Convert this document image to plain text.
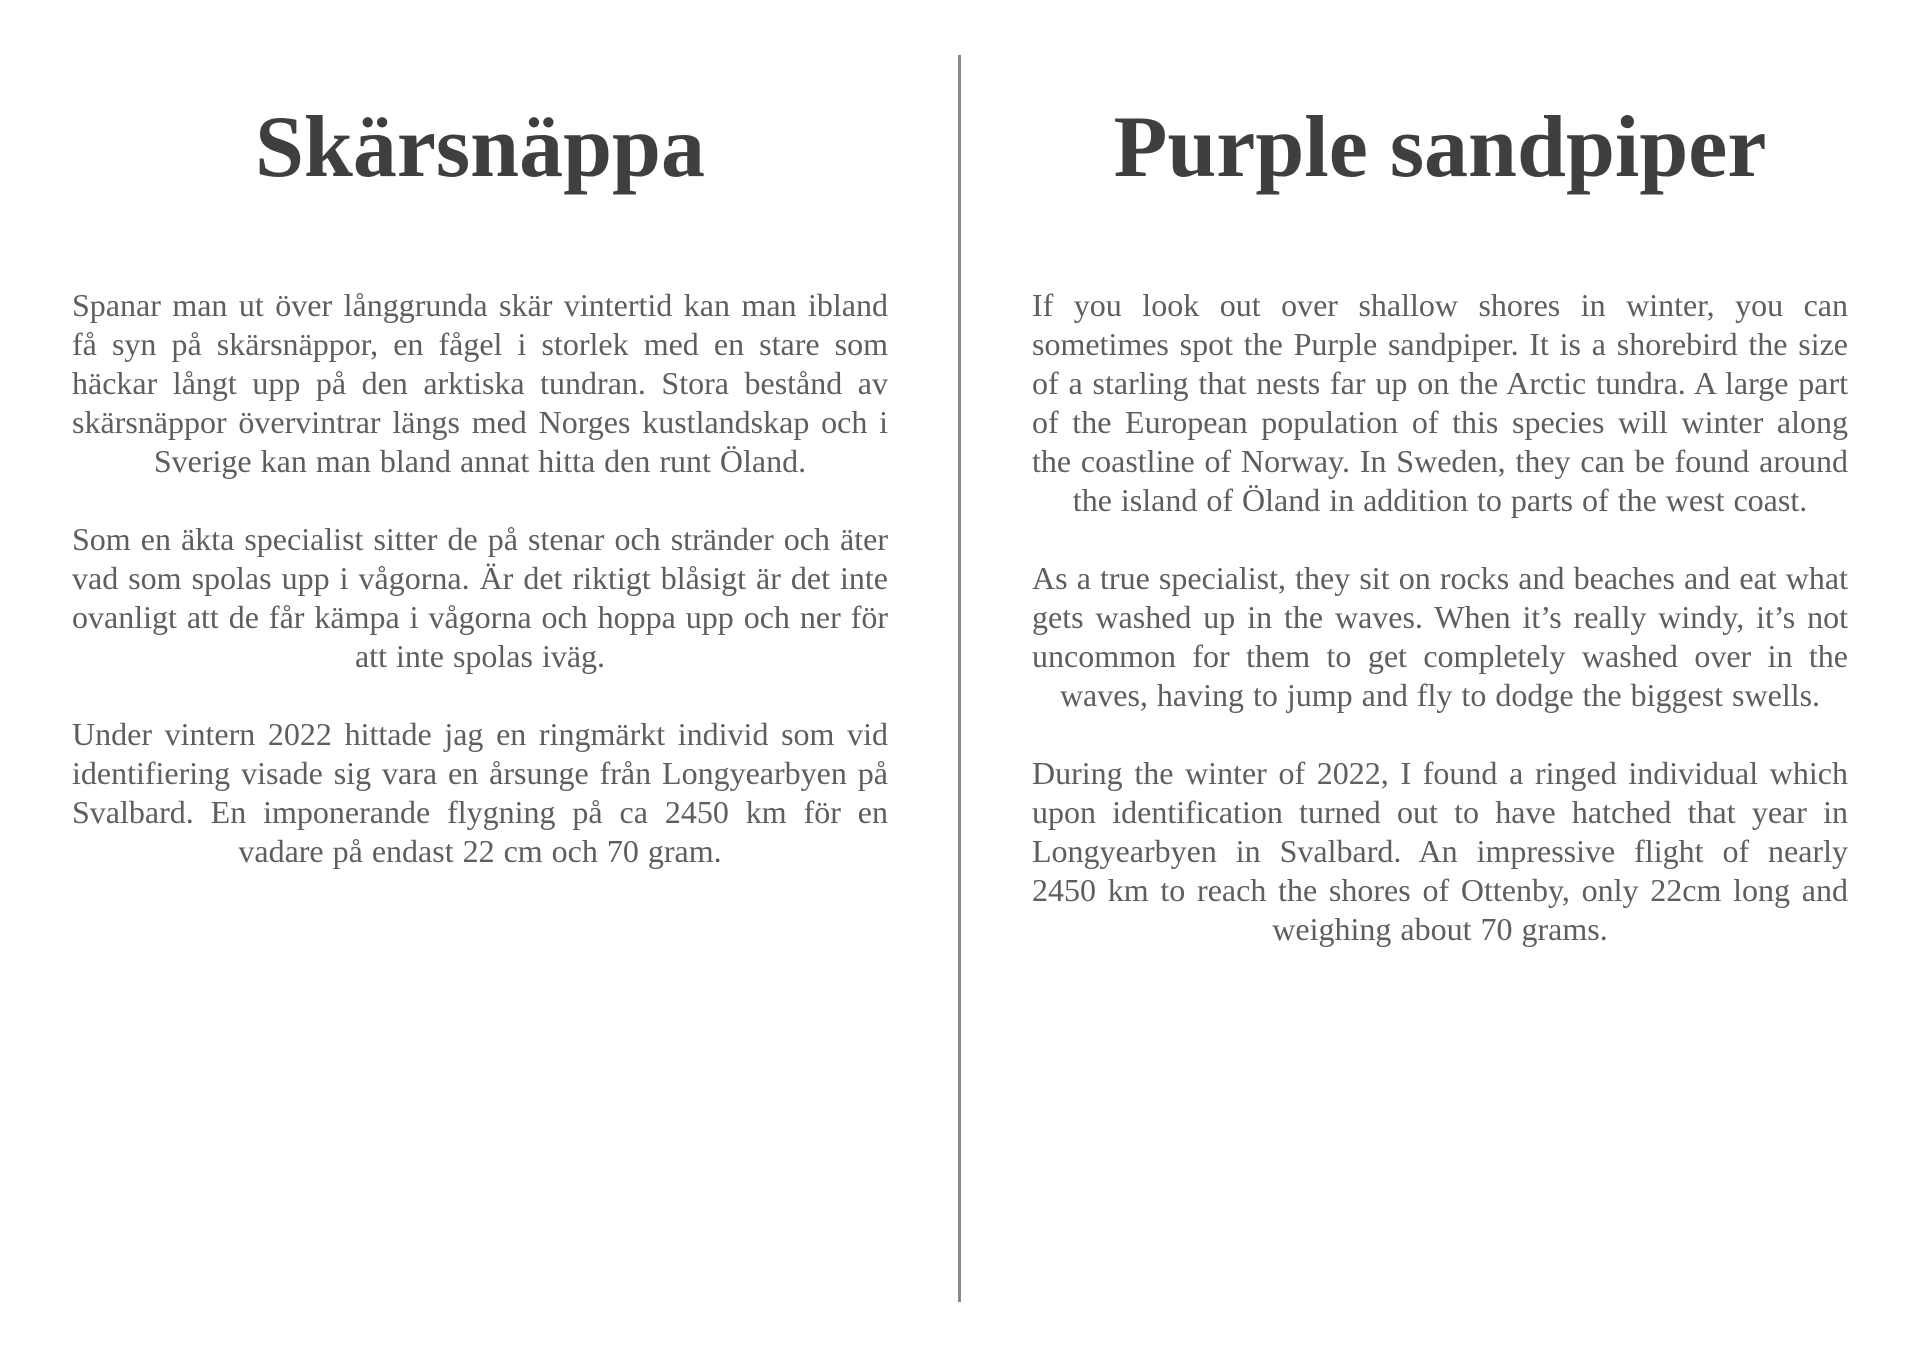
Skärsnäppa

Spanar man ut över långgrunda skär vintertid kan man ibland få syn på skärsnäppor, en fågel i storlek med en stare som häckar långt upp på den arktiska tundran. Stora bestånd av skärsnäppor övervintrar längs med Norges kustlandskap och i Sverige kan man bland annat hitta den runt Öland.

Som en äkta specialist sitter de på stenar och stränder och äter vad som spolas upp i vågorna. Är det riktigt blåsigt är det inte ovanligt att de får kämpa i vågorna och hoppa upp och ner för att inte spolas iväg.

Under vintern 2022 hittade jag en ringmärkt individ som vid identifiering visade sig vara en årsunge från Longyearbyen på Svalbard. En imponerande flygning på ca 2450 km för en vadare på endast 22 cm och 70 gram.

Purple sandpiper

If you look out over shallow shores in winter, you can sometimes spot the Purple sandpiper. It is a shorebird the size of a starling that nests far up on the Arctic tundra. A large part of the European population of this species will winter along the coastline of Norway. In Sweden, they can be found around the island of Öland in addition to parts of the west coast.

As a true specialist, they sit on rocks and beaches and eat what gets washed up in the waves. When it’s really windy, it’s not uncommon for them to get completely washed over in the waves, having to jump and fly to dodge the biggest swells.

During the winter of 2022, I found a ringed individual which upon identification turned out to have hatched that year in Longyearbyen in Svalbard. An impressive flight of nearly 2450 km to reach the shores of Ottenby, only 22cm long and weighing about 70 grams.
